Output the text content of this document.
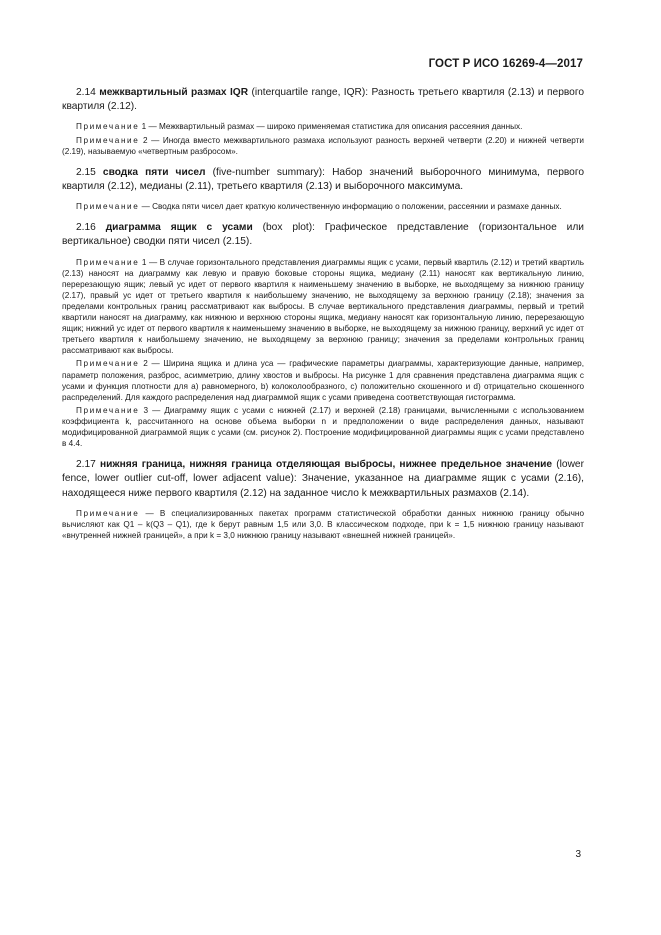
ГОСТ Р ИСО 16269-4—2017

2.14 межквартильный размах IQR (interquartile range, IQR): Разность третьего квартиля (2.13) и первого квартиля (2.12).

Примечание 1 — Межквартильный размах — широко применяемая статистика для описания рассеяния данных.

Примечание 2 — Иногда вместо межквартильного размаха используют разность верхней четверти (2.20) и нижней четверти (2.19), называемую «четвертным разбросом».

2.15 сводка пяти чисел (five-number summary): Набор значений выборочного минимума, первого квартиля (2.12), медианы (2.11), третьего квартиля (2.13) и выборочного максимума.

Примечание — Сводка пяти чисел дает краткую количественную информацию о положении, рассеянии и размахе данных.

2.16 диаграмма ящик с усами (box plot): Графическое представление (горизонтальное или вертикальное) сводки пяти чисел (2.15).

Примечание 1 — В случае горизонтального представления диаграммы ящик с усами, первый квартиль (2.12) и третий квартиль (2.13) наносят на диаграмму как левую и правую боковые стороны ящика, медиану (2.11) наносят как вертикальную линию, перерезающую ящик; левый ус идет от первого квартиля к наименьшему значению в выборке, не выходящему за нижнюю границу (2.17), правый ус идет от третьего квартиля к наибольшему значению, не выходящему за верхнюю границу (2.18); значения за пределами контрольных границ рассматривают как выбросы. В случае вертикального представления диаграммы, первый и третий квартили наносят на диаграмму, как нижнюю и верхнюю стороны ящика, медиану наносят как горизонтальную линию, перерезающую ящик; нижний ус идет от первого квартиля к наименьшему значению в выборке, не выходящему за нижнюю границу, верхний ус идет от третьего квартиля к наибольшему значению, не выходящему за верхнюю границу; значения за пределами контрольных границ рассматривают как выбросы.

Примечание 2 — Ширина ящика и длина уса — графические параметры диаграммы, характеризующие данные, например, параметр положения, разброс, асимметрию, длину хвостов и выбросы. На рисунке 1 для сравнения представлена диаграмма ящик с усами и функция плотности для a) равномерного, b) колоколообразного, c) положительно скошенного и d) отрицательно скошенного распределений. Для каждого распределения над диаграммой ящик с усами приведена соответствующая гистограмма.

Примечание 3 — Диаграмму ящик с усами с нижней (2.17) и верхней (2.18) границами, вычисленными с использованием коэффициента k, рассчитанного на основе объема выборки n и предположении о виде распределения данных, называют модифицированной диаграммой ящик с усами (см. рисунок 2). Построение модифицированной диаграммы ящик с усами представлено в 4.4.

2.17 нижняя граница, нижняя граница отделяющая выбросы, нижнее предельное значение (lower fence, lower outlier cut-off, lower adjacent value): Значение, указанное на диаграмме ящик с усами (2.16), находящееся ниже первого квартиля (2.12) на заданное число k межквартильных размахов (2.14).

Примечание — В специализированных пакетах программ статистической обработки данных нижнюю границу обычно вычисляют как Q1 – k(Q3 – Q1), где k берут равным 1,5 или 3,0. В классическом подходе, при k = 1,5 нижнюю границу называют «внутренней нижней границей», а при k = 3,0 нижнюю границу называют «внешней нижней границей».

3
